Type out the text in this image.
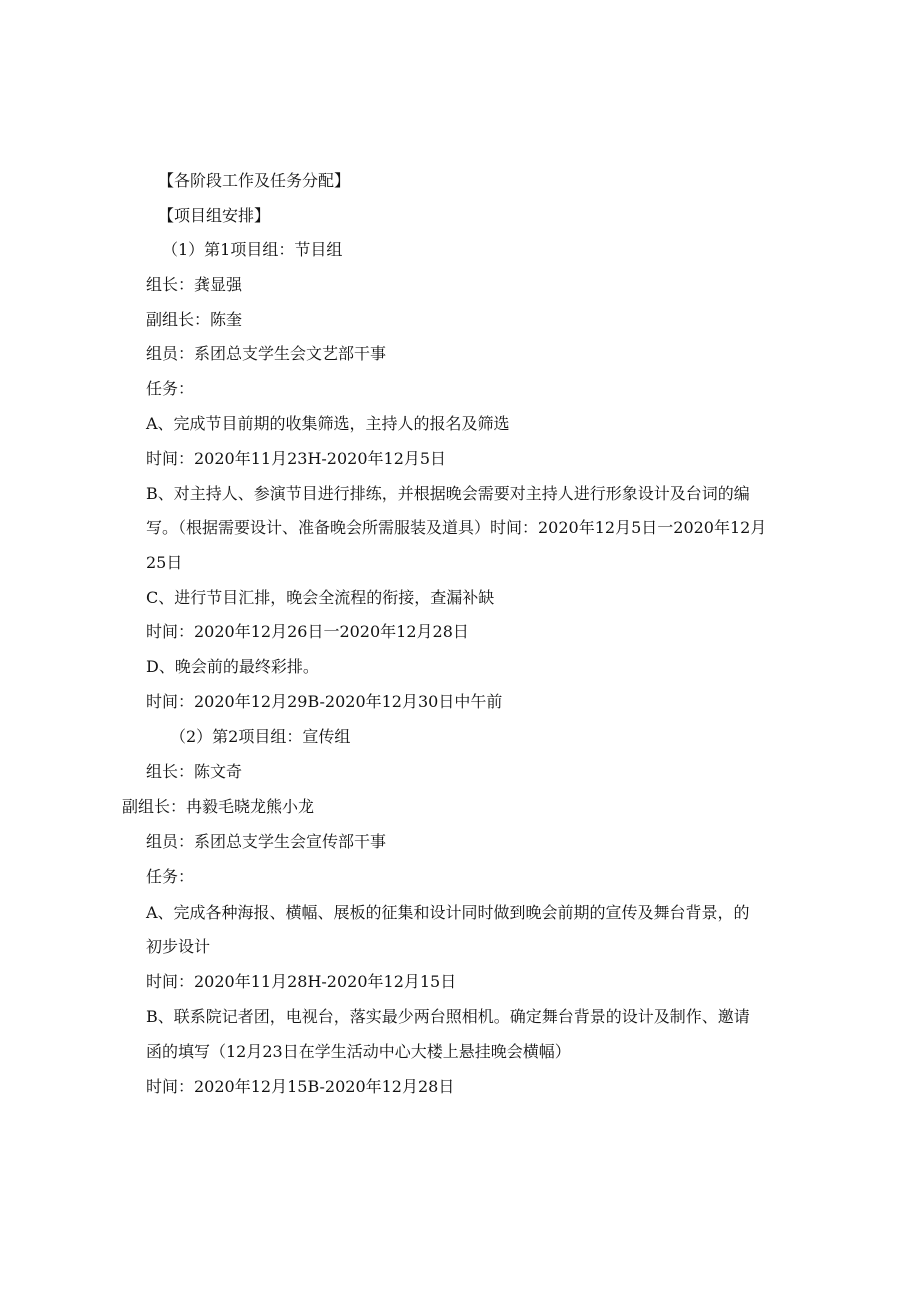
【各阶段工作及任务分配】
【项目组安排】
（1）第1项目组：节目组
组长：龚显强
副组长：陈奎
组员：系团总支学生会文艺部干事
任务：
A、完成节目前期的收集筛选，主持人的报名及筛选
时间：2020年11月23H-2020年12月5日
B、对主持人、参演节目进行排练，并根据晚会需要对主持人进行形象设计及台词的编
写。（根据需要设计、准备晚会所需服装及道具）时间：2020年12月5日一2020年12月
25日
C、进行节目汇排，晚会全流程的衔接，查漏补缺
时间：2020年12月26日一2020年12月28日
D、晚会前的最终彩排。
时间：2020年12月29B-2020年12月30日中午前
（2）第2项目组：宣传组
组长：陈文奇
副组长：冉毅毛晓龙熊小龙
组员：系团总支学生会宣传部干事
任务：
A、完成各种海报、横幅、展板的征集和设计同时做到晚会前期的宣传及舞台背景，的
初步设计
时间：2020年11月28H-2020年12月15日
B、联系院记者团，电视台，落实最少两台照相机。确定舞台背景的设计及制作、邀请
函的填写（12月23日在学生活动中心大楼上悬挂晚会横幅）
时间：2020年12月15B-2020年12月28日
